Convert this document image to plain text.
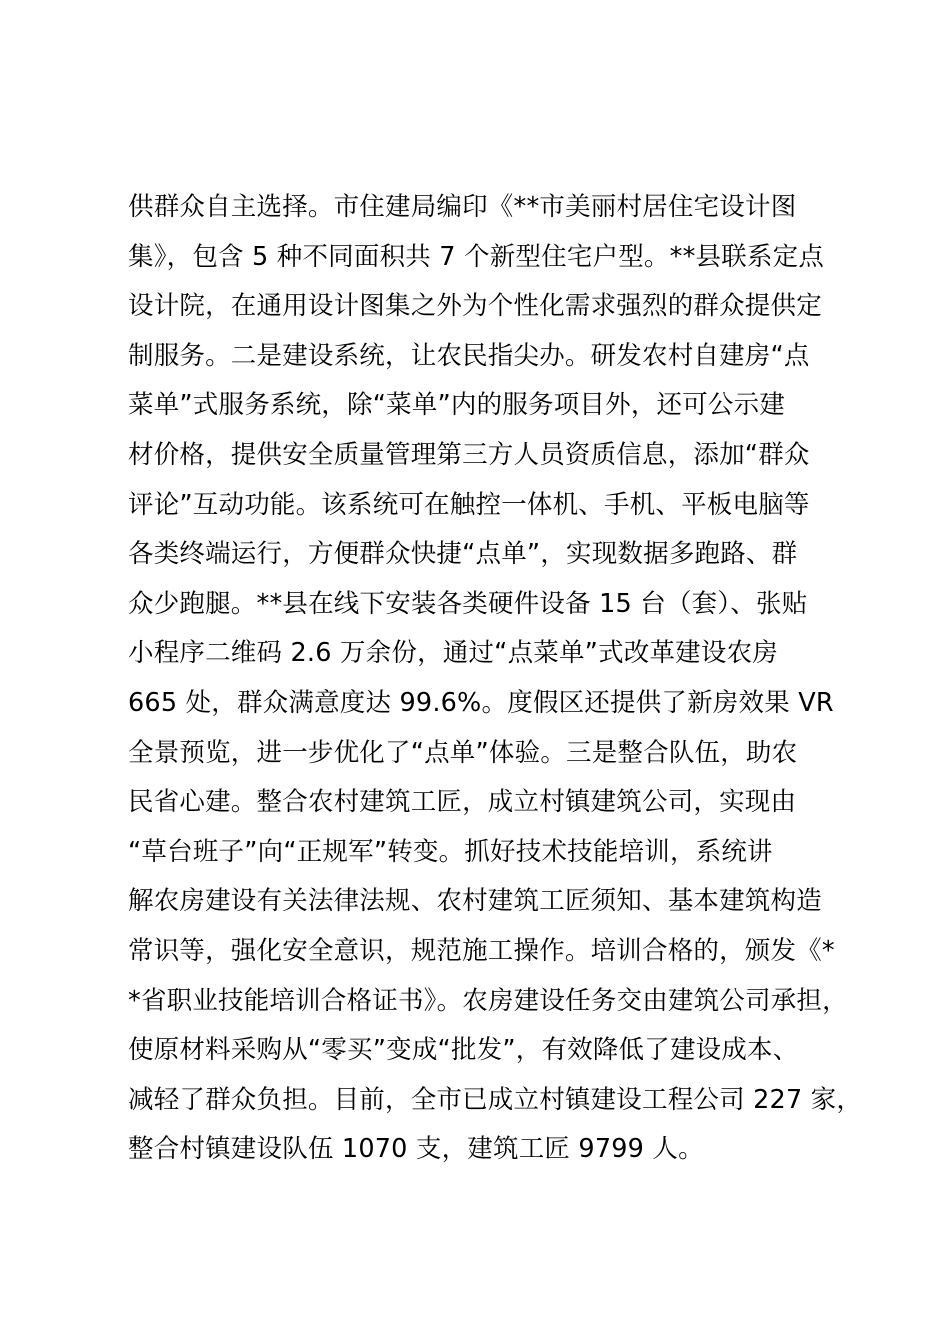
供群众自主选择。市住建局编印《**市美丽村居住宅设计图
集》，包含 5 种不同面积共 7 个新型住宅户型。**县联系定点
设计院，在通用设计图集之外为个性化需求强烈的群众提供定
制服务。二是建设系统，让农民指尖办。研发农村自建房“点
菜单”式服务系统，除“菜单”内的服务项目外，还可公示建
材价格，提供安全质量管理第三方人员资质信息，添加“群众
评论”互动功能。该系统可在触控一体机、手机、平板电脑等
各类终端运行，方便群众快捷“点单”，实现数据多跑路、群
众少跑腿。**县在线下安装各类硬件设备 15 台（套）、张贴
小程序二维码 2.6 万余份，通过“点菜单”式改革建设农房
665 处，群众满意度达 99.6%。度假区还提供了新房效果 VR
全景预览，进一步优化了“点单”体验。三是整合队伍，助农
民省心建。整合农村建筑工匠，成立村镇建筑公司，实现由
“草台班子”向“正规军”转变。抓好技术技能培训，系统讲
解农房建设有关法律法规、农村建筑工匠须知、基本建筑构造
常识等，强化安全意识，规范施工操作。培训合格的，颁发《*
*省职业技能培训合格证书》。农房建设任务交由建筑公司承担，
使原材料采购从“零买”变成“批发”，有效降低了建设成本、
减轻了群众负担。目前，全市已成立村镇建设工程公司 227 家，
整合村镇建设队伍 1070 支，建筑工匠 9799 人。
